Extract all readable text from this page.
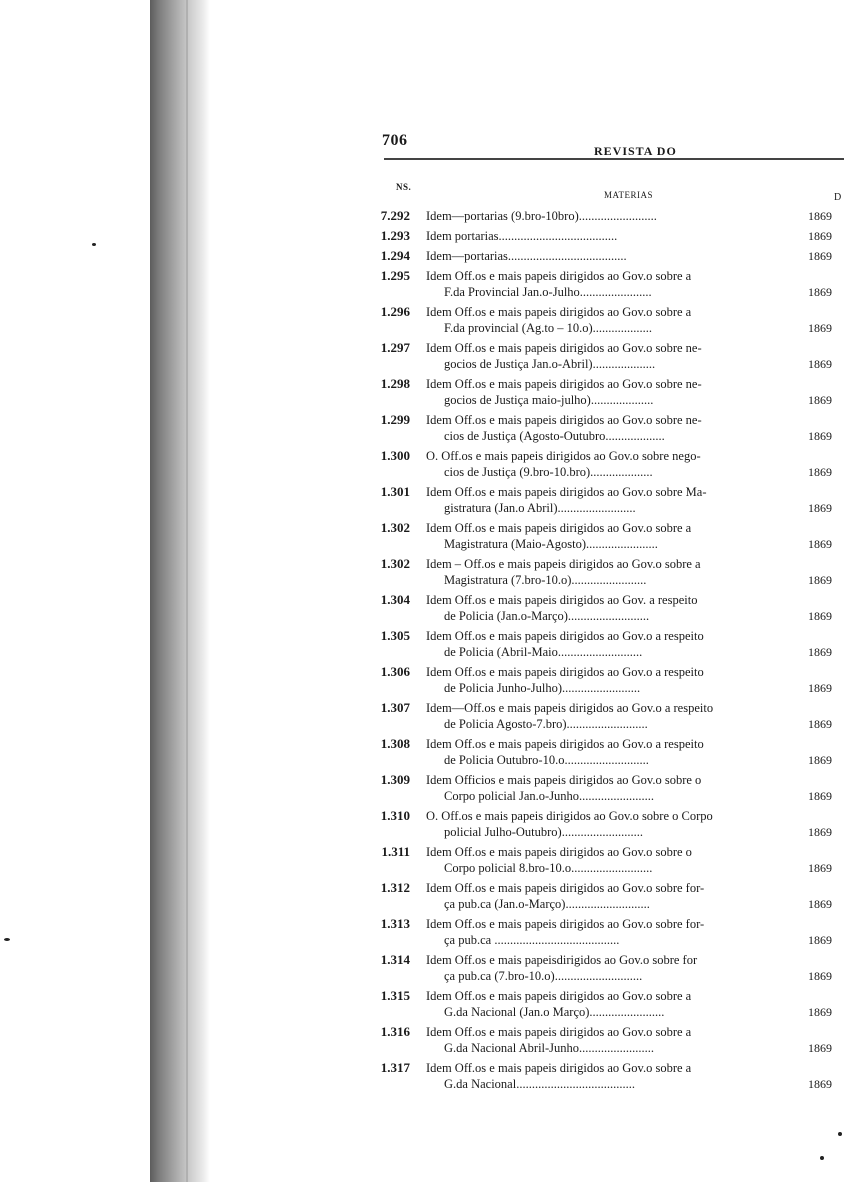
706
REVISTA DO
NS.
MATERIAS	D
7.292 Idem—portarias (9.bro-10bro).........................	1869
1.293 Idem portarias......................................	1869
1.294 Idem—portarias......................................	1869
1.295 Idem Off.os e mais papeis dirigidos ao Gov.o sobre a
F.da Provincial Jan.o-Julho.......................	1869
1.296 Idem Off.os e mais papeis dirigidos ao Gov.o sobre a
F.da provincial (Ag.to – 10.o)...................	1869
1.297 Idem Off.os e mais papeis dirigidos ao Gov.o sobre ne-
gocios de Justiça Jan.o-Abril)....................	1869
1.298 Idem Off.os e mais papeis dirigidos ao Gov.o sobre ne-
gocios de Justiça maio-julho)....................	1869
1.299 Idem Off.os e mais papeis dirigidos ao Gov.o sobre ne-
cios de Justiça (Agosto-Outubro...................	1869
1.300 O. Off.os e mais papeis dirigidos ao Gov.o sobre nego-
cios de Justiça (9.bro-10.bro)....................	1869
1.301 Idem Off.os e mais papeis dirigidos ao Gov.o sobre Ma-
gistratura (Jan.o Abril).........................	1869
1.302 Idem Off.os e mais papeis dirigidos ao Gov.o sobre a
Magistratura (Maio-Agosto).......................	1869
1.302 Idem – Off.os e mais papeis dirigidos ao Gov.o sobre a
Magistratura (7.bro-10.o)........................	1869
1.304 Idem Off.os e mais papeis dirigidos ao Gov. a respeito
de Policia (Jan.o-Março)..........................	1869
1.305 Idem Off.os e mais papeis dirigidos ao Gov.o a respeito
de Policia (Abril-Maio...........................	1869
1.306 Idem Off.os e mais papeis dirigidos ao Gov.o a respeito
de Policia Junho-Julho).........................	1869
1.307 Idem—Off.os e mais papeis dirigidos ao Gov.o a respeito
de Policia Agosto-7.bro)..........................	1869
1.308 Idem Off.os e mais papeis dirigidos ao Gov.o a respeito
de Policia Outubro-10.o...........................	1869
1.309 Idem Officios e mais papeis dirigidos ao Gov.o sobre o
Corpo policial Jan.o-Junho........................	1869
1.310 O. Off.os e mais papeis dirigidos ao Gov.o sobre o Corpo
policial Julho-Outubro)..........................	1869
1.311 Idem Off.os e mais papeis dirigidos ao Gov.o sobre o
Corpo policial 8.bro-10.o..........................	1869
1.312 Idem Off.os e mais papeis dirigidos ao Gov.o sobre for-
ça pub.ca (Jan.o-Março)...........................	1869
1.313 Idem Off.os e mais papeis dirigidos ao Gov.o sobre for-
ça pub.ca ........................................	1869
1.314 Idem Off.os e mais papeisdirigidos ao Gov.o sobre for
ça pub.ca (7.bro-10.o)............................	1869
1.315 Idem Off.os e mais papeis dirigidos ao Gov.o sobre a
G.da Nacional (Jan.o Março)........................	1869
1.316 Idem Off.os e mais papeis dirigidos ao Gov.o sobre a
G.da Nacional Abril-Junho........................	1869
1.317 Idem Off.os e mais papeis dirigidos ao Gov.o sobre a
G.da Nacional......................................	1869
